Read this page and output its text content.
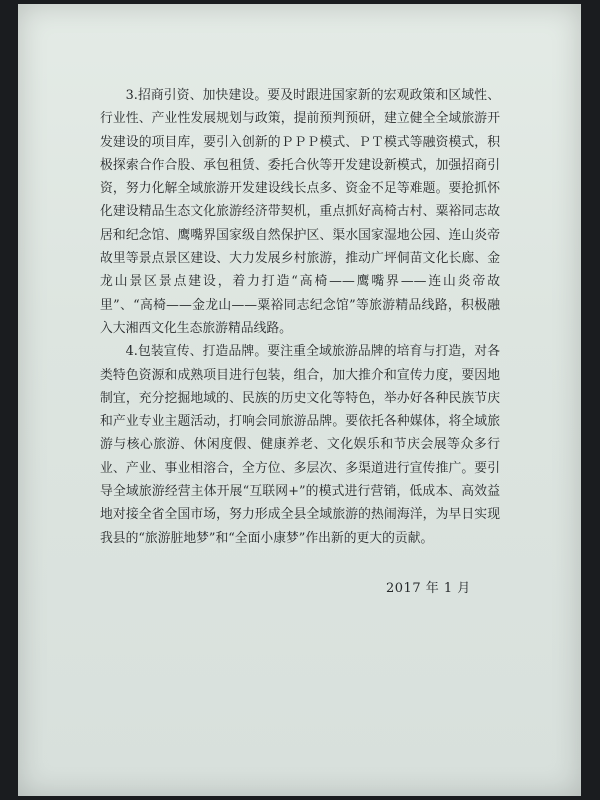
3.招商引资、加快建设。要及时跟进国家新的宏观政策和区域性、行业性、产业性发展规划与政策，提前预判预研，建立健全全域旅游开发建设的项目库，要引入创新的ＰＰＰ模式、ＰＴ模式等融资模式，积极探索合作合股、承包租赁、委托合伙等开发建设新模式，加强招商引资，努力化解全域旅游开发建设线长点多、资金不足等难题。要抢抓怀化建设精品生态文化旅游经济带契机，重点抓好高椅古村、粟裕同志故居和纪念馆、鹰嘴界国家级自然保护区、渠水国家湿地公园、连山炎帝故里等景点景区建设、大力发展乡村旅游，推动广坪侗苗文化长廊、金龙山景区景点建设，着力打造“高椅——鹰嘴界——连山炎帝故里”、“高椅——金龙山——粟裕同志纪念馆”等旅游精品线路，积极融入大湘西文化生态旅游精品线路。

4.包装宣传、打造品牌。要注重全域旅游品牌的培育与打造，对各类特色资源和成熟项目进行包装，组合，加大推介和宣传力度，要因地制宜，充分挖掘地域的、民族的历史文化等特色，举办好各种民族节庆和产业专业主题活动，打响会同旅游品牌。要依托各种媒体，将全域旅游与核心旅游、休闲度假、健康养老、文化娱乐和节庆会展等众多行业、产业、事业相溶合，全方位、多层次、多渠道进行宣传推广。要引导全域旅游经营主体开展“互联网+”的模式进行营销，低成本、高效益地对接全省全国市场，努力形成全县全域旅游的热闹海洋，为早日实现我县的“旅游脏地梦”和“全面小康梦”作出新的更大的贡献。

2017 年 1 月
